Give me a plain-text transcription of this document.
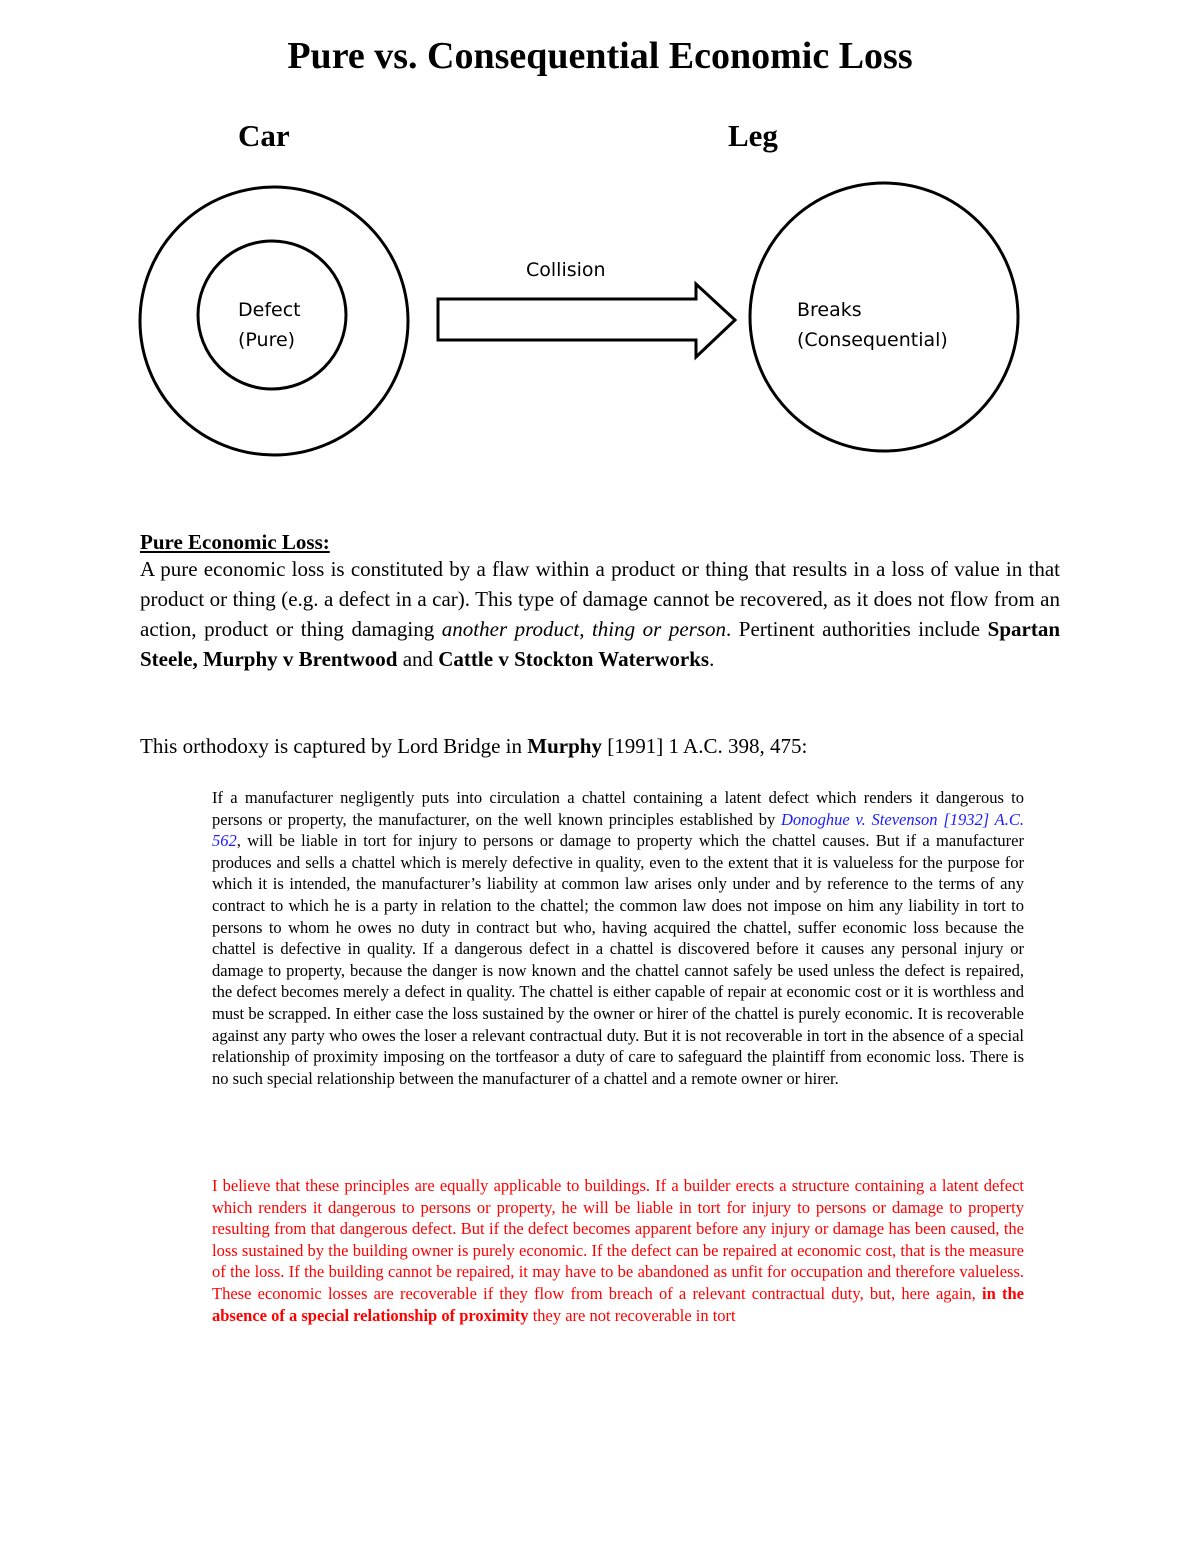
Pure vs. Consequential Economic Loss
Car	Leg
Defect
(Pure)
Collision
Breaks
(Consequential)
Pure Economic Loss:

A pure economic loss is constituted by a flaw within a product or thing that results in a loss of value in that product or thing (e.g. a defect in a car). This type of damage cannot be recovered, as it does not flow from an action, product or thing damaging another product, thing or person. Pertinent authorities include Spartan Steele, Murphy v Brentwood and Cattle v Stockton Waterworks.

This orthodoxy is captured by Lord Bridge in Murphy [1991] 1 A.C. 398, 475:

If a manufacturer negligently puts into circulation a chattel containing a latent defect which renders it dangerous to persons or property, the manufacturer, on the well known principles established by Donoghue v. Stevenson [1932] A.C. 562, will be liable in tort for injury to persons or damage to property which the chattel causes. But if a manufacturer produces and sells a chattel which is merely defective in quality, even to the extent that it is valueless for the purpose for which it is intended, the manufacturer’s liability at common law arises only under and by reference to the terms of any contract to which he is a party in relation to the chattel; the common law does not impose on him any liability in tort to persons to whom he owes no duty in contract but who, having acquired the chattel, suffer economic loss because the chattel is defective in quality. If a dangerous defect in a chattel is discovered before it causes any personal injury or damage to property, because the danger is now known and the chattel cannot safely be used unless the defect is repaired, the defect becomes merely a defect in quality. The chattel is either capable of repair at economic cost or it is worthless and must be scrapped. In either case the loss sustained by the owner or hirer of the chattel is purely economic. It is recoverable against any party who owes the loser a relevant contractual duty. But it is not recoverable in tort in the absence of a special relationship of proximity imposing on the tortfeasor a duty of care to safeguard the plaintiff from economic loss. There is no such special relationship between the manufacturer of a chattel and a remote owner or hirer.

I believe that these principles are equally applicable to buildings. If a builder erects a structure containing a latent defect which renders it dangerous to persons or property, he will be liable in tort for injury to persons or damage to property resulting from that dangerous defect. But if the defect becomes apparent before any injury or damage has been caused, the loss sustained by the building owner is purely economic. If the defect can be repaired at economic cost, that is the measure of the loss. If the building cannot be repaired, it may have to be abandoned as unfit for occupation and therefore valueless. These economic losses are recoverable if they flow from breach of a relevant contractual duty, but, here again, in the absence of a special relationship of proximity they are not recoverable in tort
